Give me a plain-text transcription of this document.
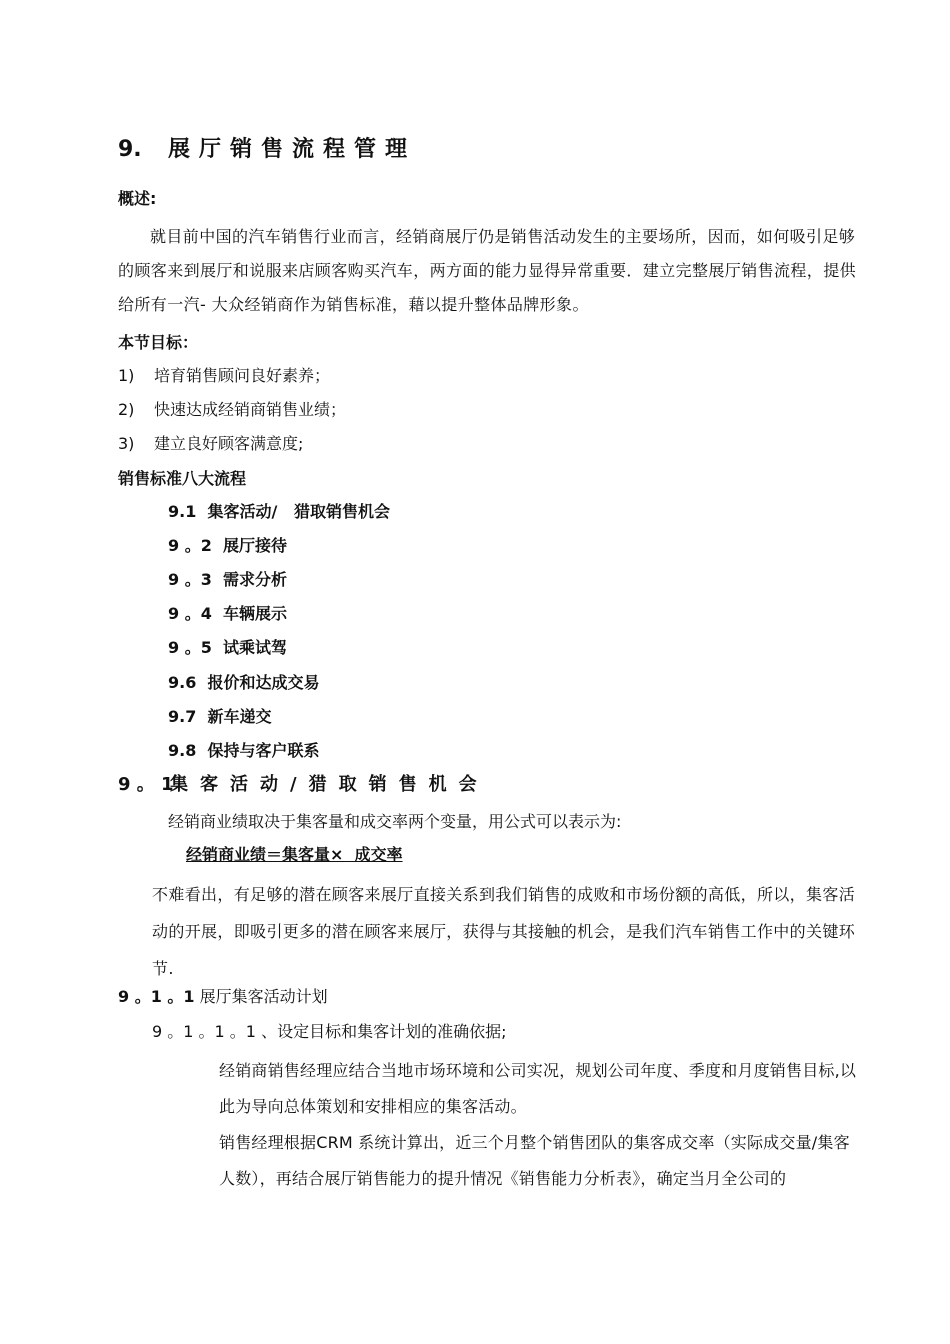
9. 展厅销售流程管理
概述:
就目前中国的汽车销售行业而言，经销商展厅仍是销售活动发生的主要场所，因而，如何吸引足够的顾客来到展厅和说服来店顾客购买汽车，两方面的能力显得异常重要．建立完整展厅销售流程，提供给所有一汽- 大众经销商作为销售标准，藉以提升整体品牌形象。
本节目标：
1) 培育销售顾问良好素养；
2) 快速达成经销商销售业绩；
3) 建立良好顾客满意度;
销售标准八大流程
9.1  集客活动/   猎取销售机会
9 。2  展厅接待
9 。3  需求分析
9 。4  车辆展示
9 。5  试乘试驾
9.6  报价和达成交易
9.7  新车递交
9.8  保持与客户联系
9 。 1集客活动/猎取销售机会
经销商业绩取决于集客量和成交率两个变量，用公式可以表示为:
经销商业绩＝集客量×  成交率
不难看出，有足够的潜在顾客来展厅直接关系到我们销售的成败和市场份额的高低，所以，集客活动的开展，即吸引更多的潜在顾客来展厅，获得与其接触的机会，是我们汽车销售工作中的关键环节.
9 。1 。1 展厅集客活动计划
9 。1 。1 。1 、设定目标和集客计划的准确依据;
经销商销售经理应结合当地市场环境和公司实况，规划公司年度、季度和月度销售目标,以此为导向总体策划和安排相应的集客活动。
销售经理根据CRM 系统计算出，近三个月整个销售团队的集客成交率（实际成交量/集客人数），再结合展厅销售能力的提升情况《销售能力分析表》，确定当月全公司的
